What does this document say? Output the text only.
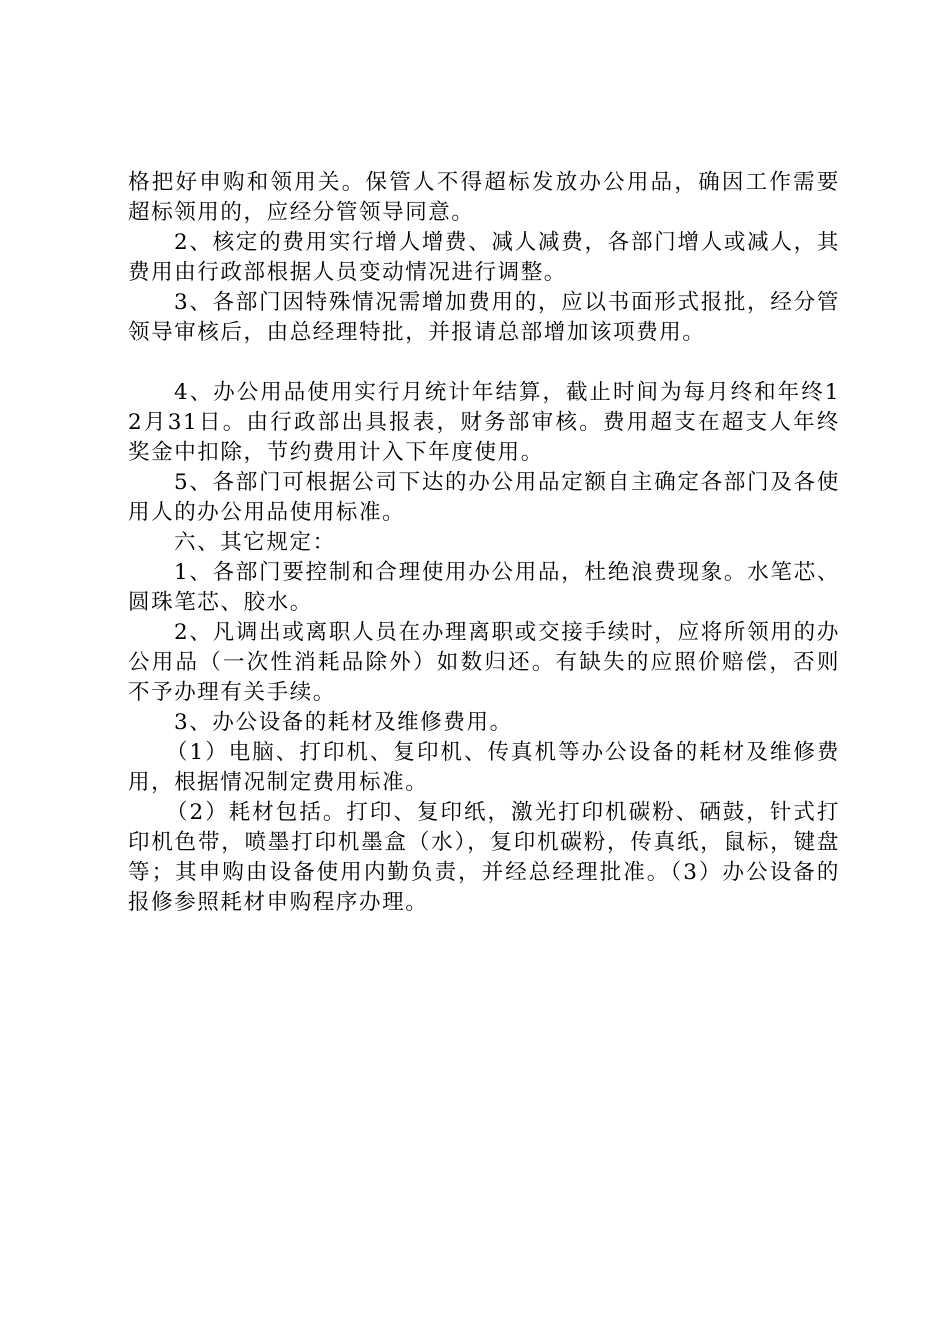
格把好申购和领用关。保管人不得超标发放办公用品，确因工作需要超标领用的，应经分管领导同意。

2、核定的费用实行增人增费、减人减费，各部门增人或减人，其费用由行政部根据人员变动情况进行调整。

3、各部门因特殊情况需增加费用的，应以书面形式报批，经分管领导审核后，由总经理特批，并报请总部增加该项费用。

4、办公用品使用实行月统计年结算，截止时间为每月终和年终12月31日。由行政部出具报表，财务部审核。费用超支在超支人年终奖金中扣除，节约费用计入下年度使用。

5、各部门可根据公司下达的办公用品定额自主确定各部门及各使用人的办公用品使用标准。

六、其它规定：

1、各部门要控制和合理使用办公用品，杜绝浪费现象。水笔芯、圆珠笔芯、胶水。

2、凡调出或离职人员在办理离职或交接手续时，应将所领用的办公用品（一次性消耗品除外）如数归还。有缺失的应照价赔偿，否则不予办理有关手续。

3、办公设备的耗材及维修费用。

（1）电脑、打印机、复印机、传真机等办公设备的耗材及维修费用，根据情况制定费用标准。

（2）耗材包括。打印、复印纸，激光打印机碳粉、硒鼓，针式打印机色带，喷墨打印机墨盒（水），复印机碳粉，传真纸，鼠标，键盘等；其申购由设备使用内勤负责，并经总经理批准。（3）办公设备的报修参照耗材申购程序办理。
